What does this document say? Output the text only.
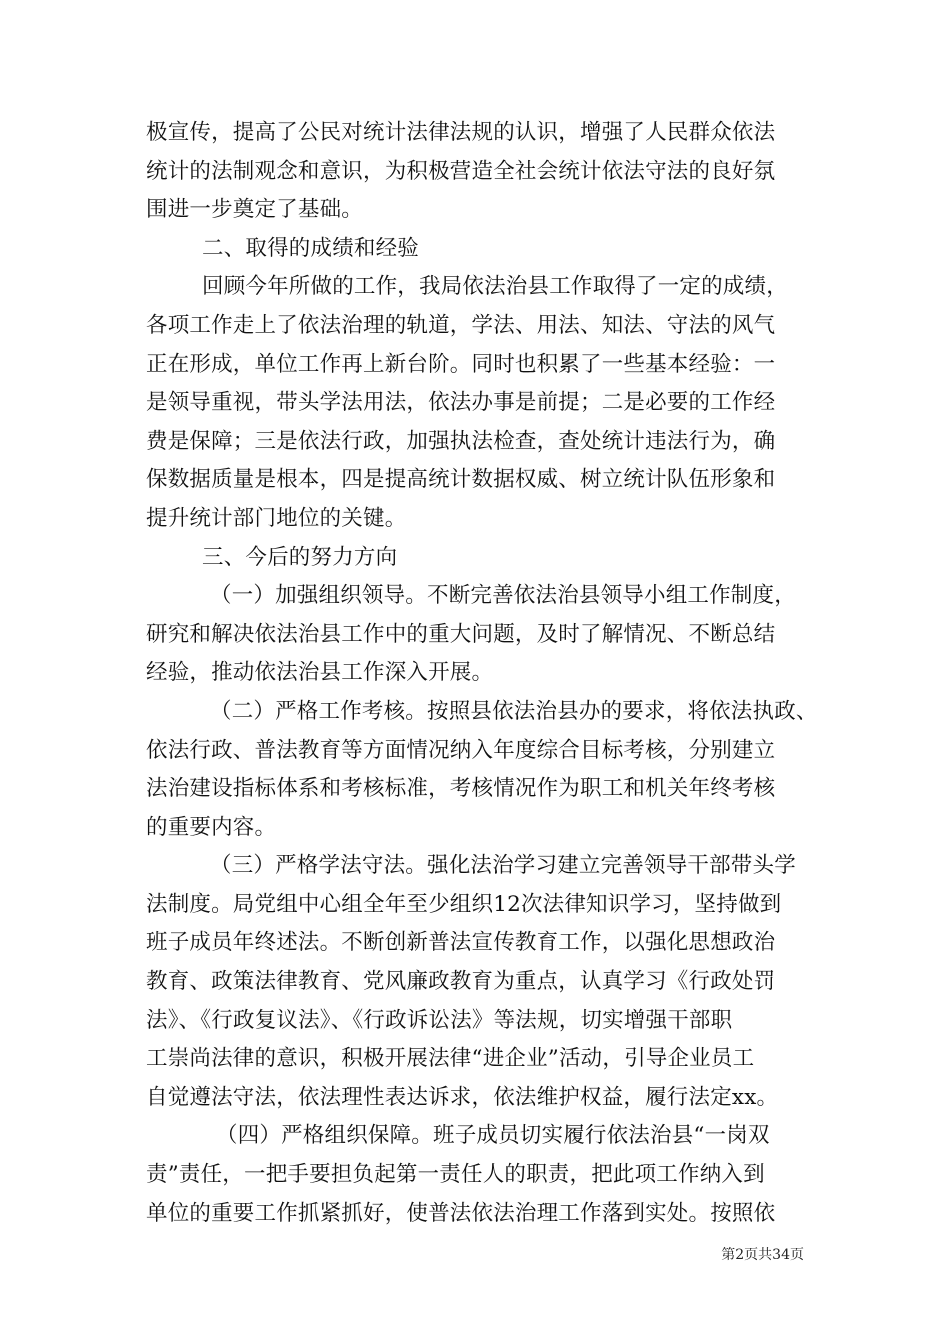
极宣传，提高了公民对统计法律法规的认识，增强了人民群众依法
统计的法制观念和意识，为积极营造全社会统计依法守法的良好氛
围进一步奠定了基础。
二、取得的成绩和经验
回顾今年所做的工作，我局依法治县工作取得了一定的成绩，
各项工作走上了依法治理的轨道，学法、用法、知法、守法的风气
正在形成，单位工作再上新台阶。同时也积累了一些基本经验：一
是领导重视，带头学法用法，依法办事是前提；二是必要的工作经
费是保障；三是依法行政，加强执法检查，查处统计违法行为，确
保数据质量是根本，四是提高统计数据权威、树立统计队伍形象和
提升统计部门地位的关键。
三、今后的努力方向
（一）加强组织领导。不断完善依法治县领导小组工作制度，
研究和解决依法治县工作中的重大问题，及时了解情况、不断总结
经验，推动依法治县工作深入开展。
（二）严格工作考核。按照县依法治县办的要求，将依法执政、
依法行政、普法教育等方面情况纳入年度综合目标考核，分别建立
法治建设指标体系和考核标准，考核情况作为职工和机关年终考核
的重要内容。
（三）严格学法守法。强化法治学习建立完善领导干部带头学
法制度。局党组中心组全年至少组织12次法律知识学习，坚持做到
班子成员年终述法。不断创新普法宣传教育工作，以强化思想政治
教育、政策法律教育、党风廉政教育为重点，认真学习《行政处罚
法》、《行政复议法》、《行政诉讼法》等法规，切实增强干部职
工崇尚法律的意识，积极开展法律“进企业”活动，引导企业员工
自觉遵法守法，依法理性表达诉求，依法维护权益，履行法定xx。
（四）严格组织保障。班子成员切实履行依法治县“一岗双
责”责任，一把手要担负起第一责任人的职责，把此项工作纳入到
单位的重要工作抓紧抓好，使普法依法治理工作落到实处。按照依
第2页共34页
